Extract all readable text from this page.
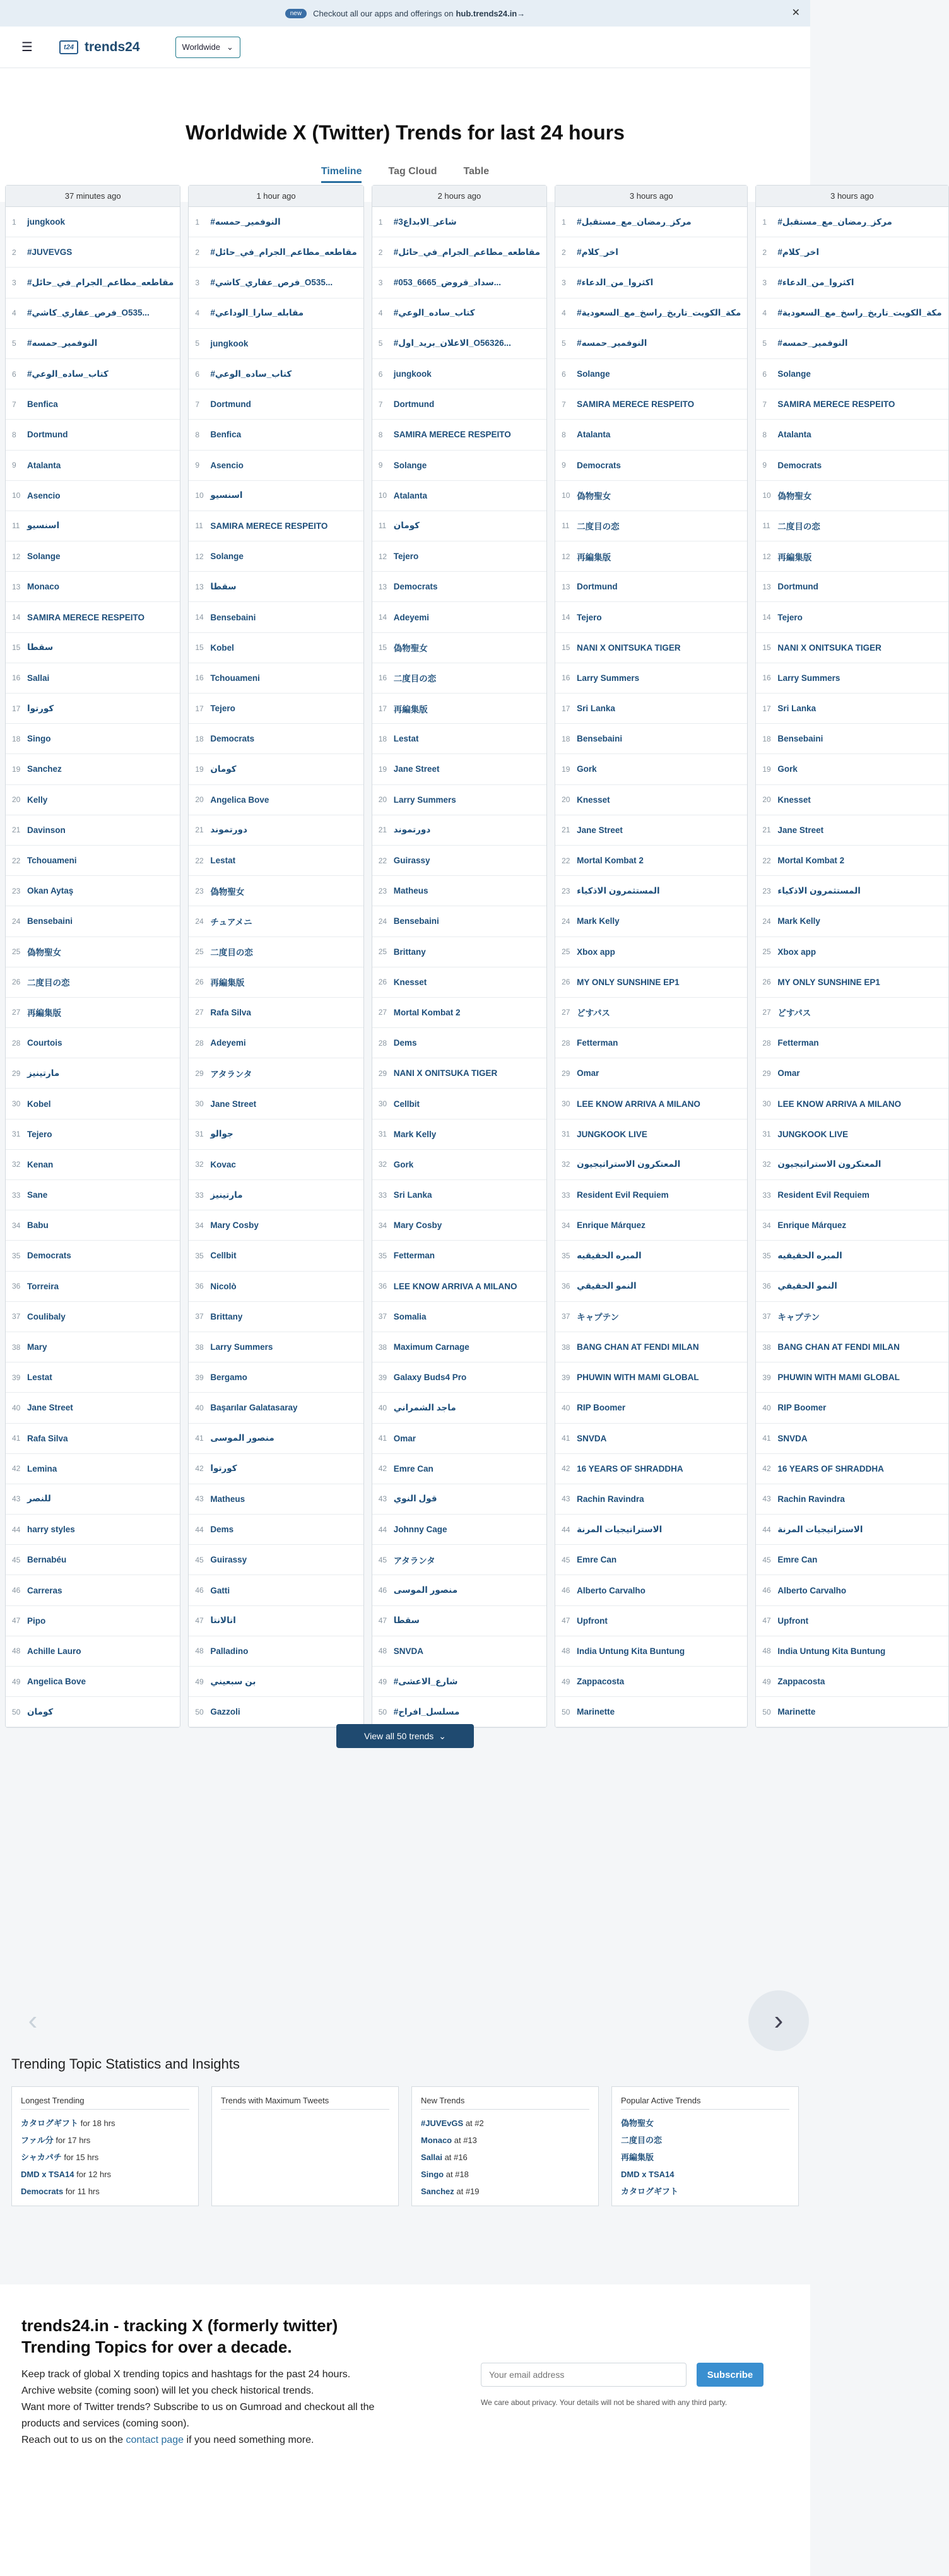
new	Checkout all our apps and offerings on hub.trends24.in→	✕
☰	t24 trends24	Worldwide ⌄
Worldwide X (Twitter) Trends for last 24 hours
Timeline	Tag Cloud	Table
37 minutes ago
1	jungkook
2	#JUVEVGS
3	#مقاطعه_مطاعم_الجرام_في_حائل
4	#فرص_عقاري_كاشي_O535...
5	#النوفمير_حمسه
6	#كتاب_ساده_الوعي
7	Benfica
8	Dortmund
9	Atalanta
10 Asencio
11 اسنسيو
12 Solange
13 Monaco
14 SAMIRA MERECE RESPEITO
15 سقطا
16 Sallai
17 كورتوا
18 Singo
19 Sanchez
20 Kelly
21 Davinson
22 Tchouameni
23 Okan Aytaş
24 Bensebaini
25 偽物聖女
26 二度目の恋
27 再編集版
28 Courtois
29 مارتينيز
30 Kobel
31 Tejero
32 Kenan
33 Sane
34 Babu
35 Democrats
36 Torreira
37 Coulibaly
38 Mary
39 Lestat
40 Jane Street
41 Rafa Silva
42 Lemina
43 للنصر
44 harry styles
45 Bernabéu
46 Carreras
47 Pipo
48 Achille Lauro
49 Angelica Bove
50 كومان
1 hour ago
1	#النوفمير_حمسه
2	#مقاطعه_مطاعم_الجرام_في_حائل
3	#فرص_عقاري_كاشي_O535...
4	#مقابله_سارا_الوداعي
5	jungkook
6	#كتاب_ساده_الوعي
7	Dortmund
8	Benfica
9	Asencio
10 اسنسيو
11 SAMIRA MERECE RESPEITO
12 Solange
13 سقطا
14 Bensebaini
15 Kobel
16 Tchouameni
17 Tejero
18 Democrats
19 كومان
20 Angelica Bove
21 دورتموند
22 Lestat
23 偽物聖女
24 チュアメニ
25 二度目の恋
26 再編集版
27 Rafa Silva
28 Adeyemi
29 アタランタ
30 Jane Street
31 جوالو
32 Kovac
33 مارتينيز
34 Mary Cosby
35 Cellbit
36 Nicolò
37 Brittany
38 Larry Summers
39 Bergamo
40 Başarılar Galatasaray
41 منصور الموسى
42 كورتوا
43 Matheus
44 Dems
45 Guirassy
46 Gatti
47 اتالانتا
48 Palladino
49 بن سبعيني
50 Gazzoli
2 hours ago
1	#شاعر_الابداع3
2	#مقاطعه_مطاعم_الجرام_في_حائل
3	#053_سداد_قروض_6665...
4	#كتاب_ساده_الوعي
5	#الاعلان_بريد_اول_O56326...
6	jungkook
7	Dortmund
8	SAMIRA MERECE RESPEITO
9	Solange
10 Atalanta
11 كومان
12 Tejero
13 Democrats
14 Adeyemi
15 偽物聖女
16 二度目の恋
17 再編集版
18 Lestat
19 Jane Street
20 Larry Summers
21 دورتموند
22 Guirassy
23 Matheus
24 Bensebaini
25 Brittany
26 Knesset
27 Mortal Kombat 2
28 Dems
29 NANI X ONITSUKA TIGER
30 Cellbit
31 Mark Kelly
32 Gork
33 Sri Lanka
34 Mary Cosby
35 Fetterman
36 LEE KNOW ARRIVA A MILANO
37 Somalia
38 Maximum Carnage
39 Galaxy Buds4 Pro
40 ماجد الشمراني
41 Omar
42 Emre Can
43 قول النوي
44 Johnny Cage
45 アタランタ
46 منصور الموسى
47 سقطا
48 SNVDA
49 #شارع_الاعشى
50 #مسلسل_افراح
3 hours ago
1	#مركز_رمضان_مع_مستقبل
2	#اخر_كلام
3	#اكثروا_من_الدعاء
4	#مكة_الكويت_تاريخ_راسخ_مع_السعودية
5	#النوفمير_حمسه
6	Solange
7	SAMIRA MERECE RESPEITO
8	Atalanta
9	Democrats
10 偽物聖女
11 二度目の恋
12 再編集版
13 Dortmund
14 Tejero
15 NANI X ONITSUKA TIGER
16 Larry Summers
17 Sri Lanka
18 Bensebaini
19 Gork
20 Knesset
21 Jane Street
22 Mortal Kombat 2
23 المستثمرون الاذكياء
24 Mark Kelly
25 Xbox app
26 MY ONLY SUNSHINE EP1
27 どすパス
28 Fetterman
29 Omar
30 LEE KNOW ARRIVA A MILANO
31 JUNGKOOK LIVE
32 المعتكرون الاستراتيجيون
33 Resident Evil Requiem
34 Enrique Márquez
35 المبره الحقيقيه
36 النمو الحقيقي
37 キャプテン
38 BANG CHAN AT FENDI MILAN
39 PHUWIN WITH MAMI GLOBAL
40 RIP Boomer
41 SNVDA
42 16 YEARS OF SHRADDHA
43 Rachin Ravindra
44 الاستراتيجيات المرنة
45 Emre Can
46 Alberto Carvalho
47 Upfront
48 India Untung Kita Buntung
49 Zappacosta
50 Marinette
3 hours ago
1	#مركز_رمضان_مع_مستقبل
2	#اخر_كلام
3	#اكثروا_من_الدعاء
4	#مكة_الكويت_تاريخ_راسخ_مع_السعودية
5	#النوفمير_حمسه
6	Solange
7	SAMIRA MERECE RESPEITO
8	Atalanta
9	Democrats
10 偽物聖女
11 二度目の恋
12 再編集版
13 Dortmund
14 Tejero
15 NANI X ONITSUKA TIGER
16 Larry Summers
17 Sri Lanka
18 Bensebaini
19 Gork
20 Knesset
21 Jane Street
22 Mortal Kombat 2
23 المستثمرون الاذكياء
24 Mark Kelly
25 Xbox app
26 MY ONLY SUNSHINE EP1
27 どすパス
28 Fetterman
29 Omar
30 LEE KNOW ARRIVA A MILANO
31 JUNGKOOK LIVE
32 المعتكرون الاستراتيجيون
33 Resident Evil Requiem
34 Enrique Márquez
35 المبره الحقيقيه
36 النمو الحقيقي
37 キャプテン
38 BANG CHAN AT FENDI MILAN
39 PHUWIN WITH MAMI GLOBAL
40 RIP Boomer
41 SNVDA
42 16 YEARS OF SHRADDHA
43 Rachin Ravindra
44 الاستراتيجيات المرنة
45 Emre Can
46 Alberto Carvalho
47 Upfront
48 India Untung Kita Buntung
49 Zappacosta
50 Marinette
View all 50 trends ⌄
‹	›
Trending Topic Statistics and Insights
Longest Trending
カタログギフト for 18 hrs
ファル分 for 17 hrs
シャカパチ for 15 hrs
DMD x TSA14 for 12 hrs
Democrats for 11 hrs
Trends with Maximum Tweets	New Trends
#JUVEvGS at #2
Monaco at #13
Sallai at #16
Singo at #18
Sanchez at #19
Popular Active Trends
偽物聖女
二度目の恋
再編集版
DMD x TSA14
カタログギフト
trends24.in - tracking X (formerly twitter)
Trending Topics for over a decade.

Keep track of global X trending topics and hashtags for the past 24 hours.
Archive website (coming soon) will let you check historical trends.
Want more of Twitter trends? Subscribe to us on Gumroad and checkout all the products and services (coming soon).
Reach out to us on the contact page if you need something more.

Your email address
Subscribe
We care about privacy. Your details will not be shared with any third party.
